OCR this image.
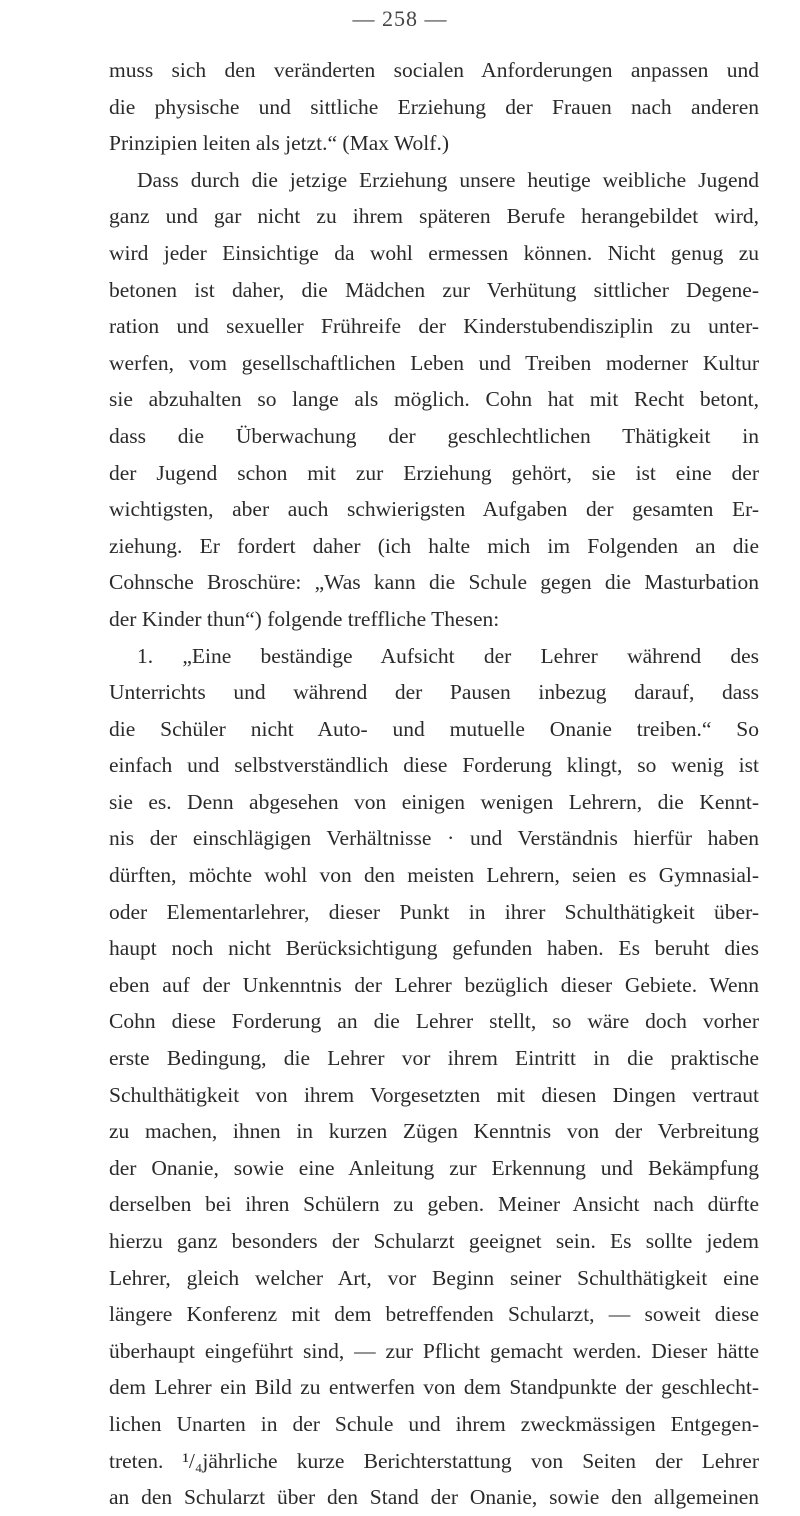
— 258 —
muss sich den veränderten socialen Anforderungen anpassen und
die physische und sittliche Erziehung der Frauen nach anderen
Prinzipien leiten als jetzt.“ (Max Wolf.)
Dass durch die jetzige Erziehung unsere heutige weibliche Jugend
ganz und gar nicht zu ihrem späteren Berufe herangebildet wird,
wird jeder Einsichtige da wohl ermessen können. Nicht genug zu
betonen ist daher, die Mädchen zur Verhütung sittlicher Degene-
ration und sexueller Frühreife der Kinderstubendisziplin zu unter-
werfen, vom gesellschaftlichen Leben und Treiben moderner Kultur
sie abzuhalten so lange als möglich. Cohn hat mit Recht betont,
dass die Überwachung der geschlechtlichen Thätigkeit in
der Jugend schon mit zur Erziehung gehört, sie ist eine der
wichtigsten, aber auch schwierigsten Aufgaben der gesamten Er-
ziehung. Er fordert daher (ich halte mich im Folgenden an die
Cohnsche Broschüre: „Was kann die Schule gegen die Masturbation
der Kinder thun“) folgende treffliche Thesen:
1. „Eine beständige Aufsicht der Lehrer während des
Unterrichts und während der Pausen inbezug darauf, dass
die Schüler nicht Auto- und mutuelle Onanie treiben.“ So
einfach und selbstverständlich diese Forderung klingt, so wenig ist
sie es. Denn abgesehen von einigen wenigen Lehrern, die Kennt-
nis der einschlägigen Verhältnisse · und Verständnis hierfür haben
dürften, möchte wohl von den meisten Lehrern, seien es Gymnasial-
oder Elementarlehrer, dieser Punkt in ihrer Schulthätigkeit über-
haupt noch nicht Berücksichtigung gefunden haben. Es beruht dies
eben auf der Unkenntnis der Lehrer bezüglich dieser Gebiete. Wenn
Cohn diese Forderung an die Lehrer stellt, so wäre doch vorher
erste Bedingung, die Lehrer vor ihrem Eintritt in die praktische
Schulthätigkeit von ihrem Vorgesetzten mit diesen Dingen vertraut
zu machen, ihnen in kurzen Zügen Kenntnis von der Verbreitung
der Onanie, sowie eine Anleitung zur Erkennung und Bekämpfung
derselben bei ihren Schülern zu geben. Meiner Ansicht nach dürfte
hierzu ganz besonders der Schularzt geeignet sein. Es sollte jedem
Lehrer, gleich welcher Art, vor Beginn seiner Schulthätigkeit eine
längere Konferenz mit dem betreffenden Schularzt, — soweit diese
überhaupt eingeführt sind, — zur Pflicht gemacht werden. Dieser hätte
dem Lehrer ein Bild zu entwerfen von dem Standpunkte der geschlecht-
lichen Unarten in der Schule und ihrem zweckmässigen Entgegen-
treten. ¹/₄jährliche kurze Berichterstattung von Seiten der Lehrer
an den Schularzt über den Stand der Onanie, sowie den allgemeinen
